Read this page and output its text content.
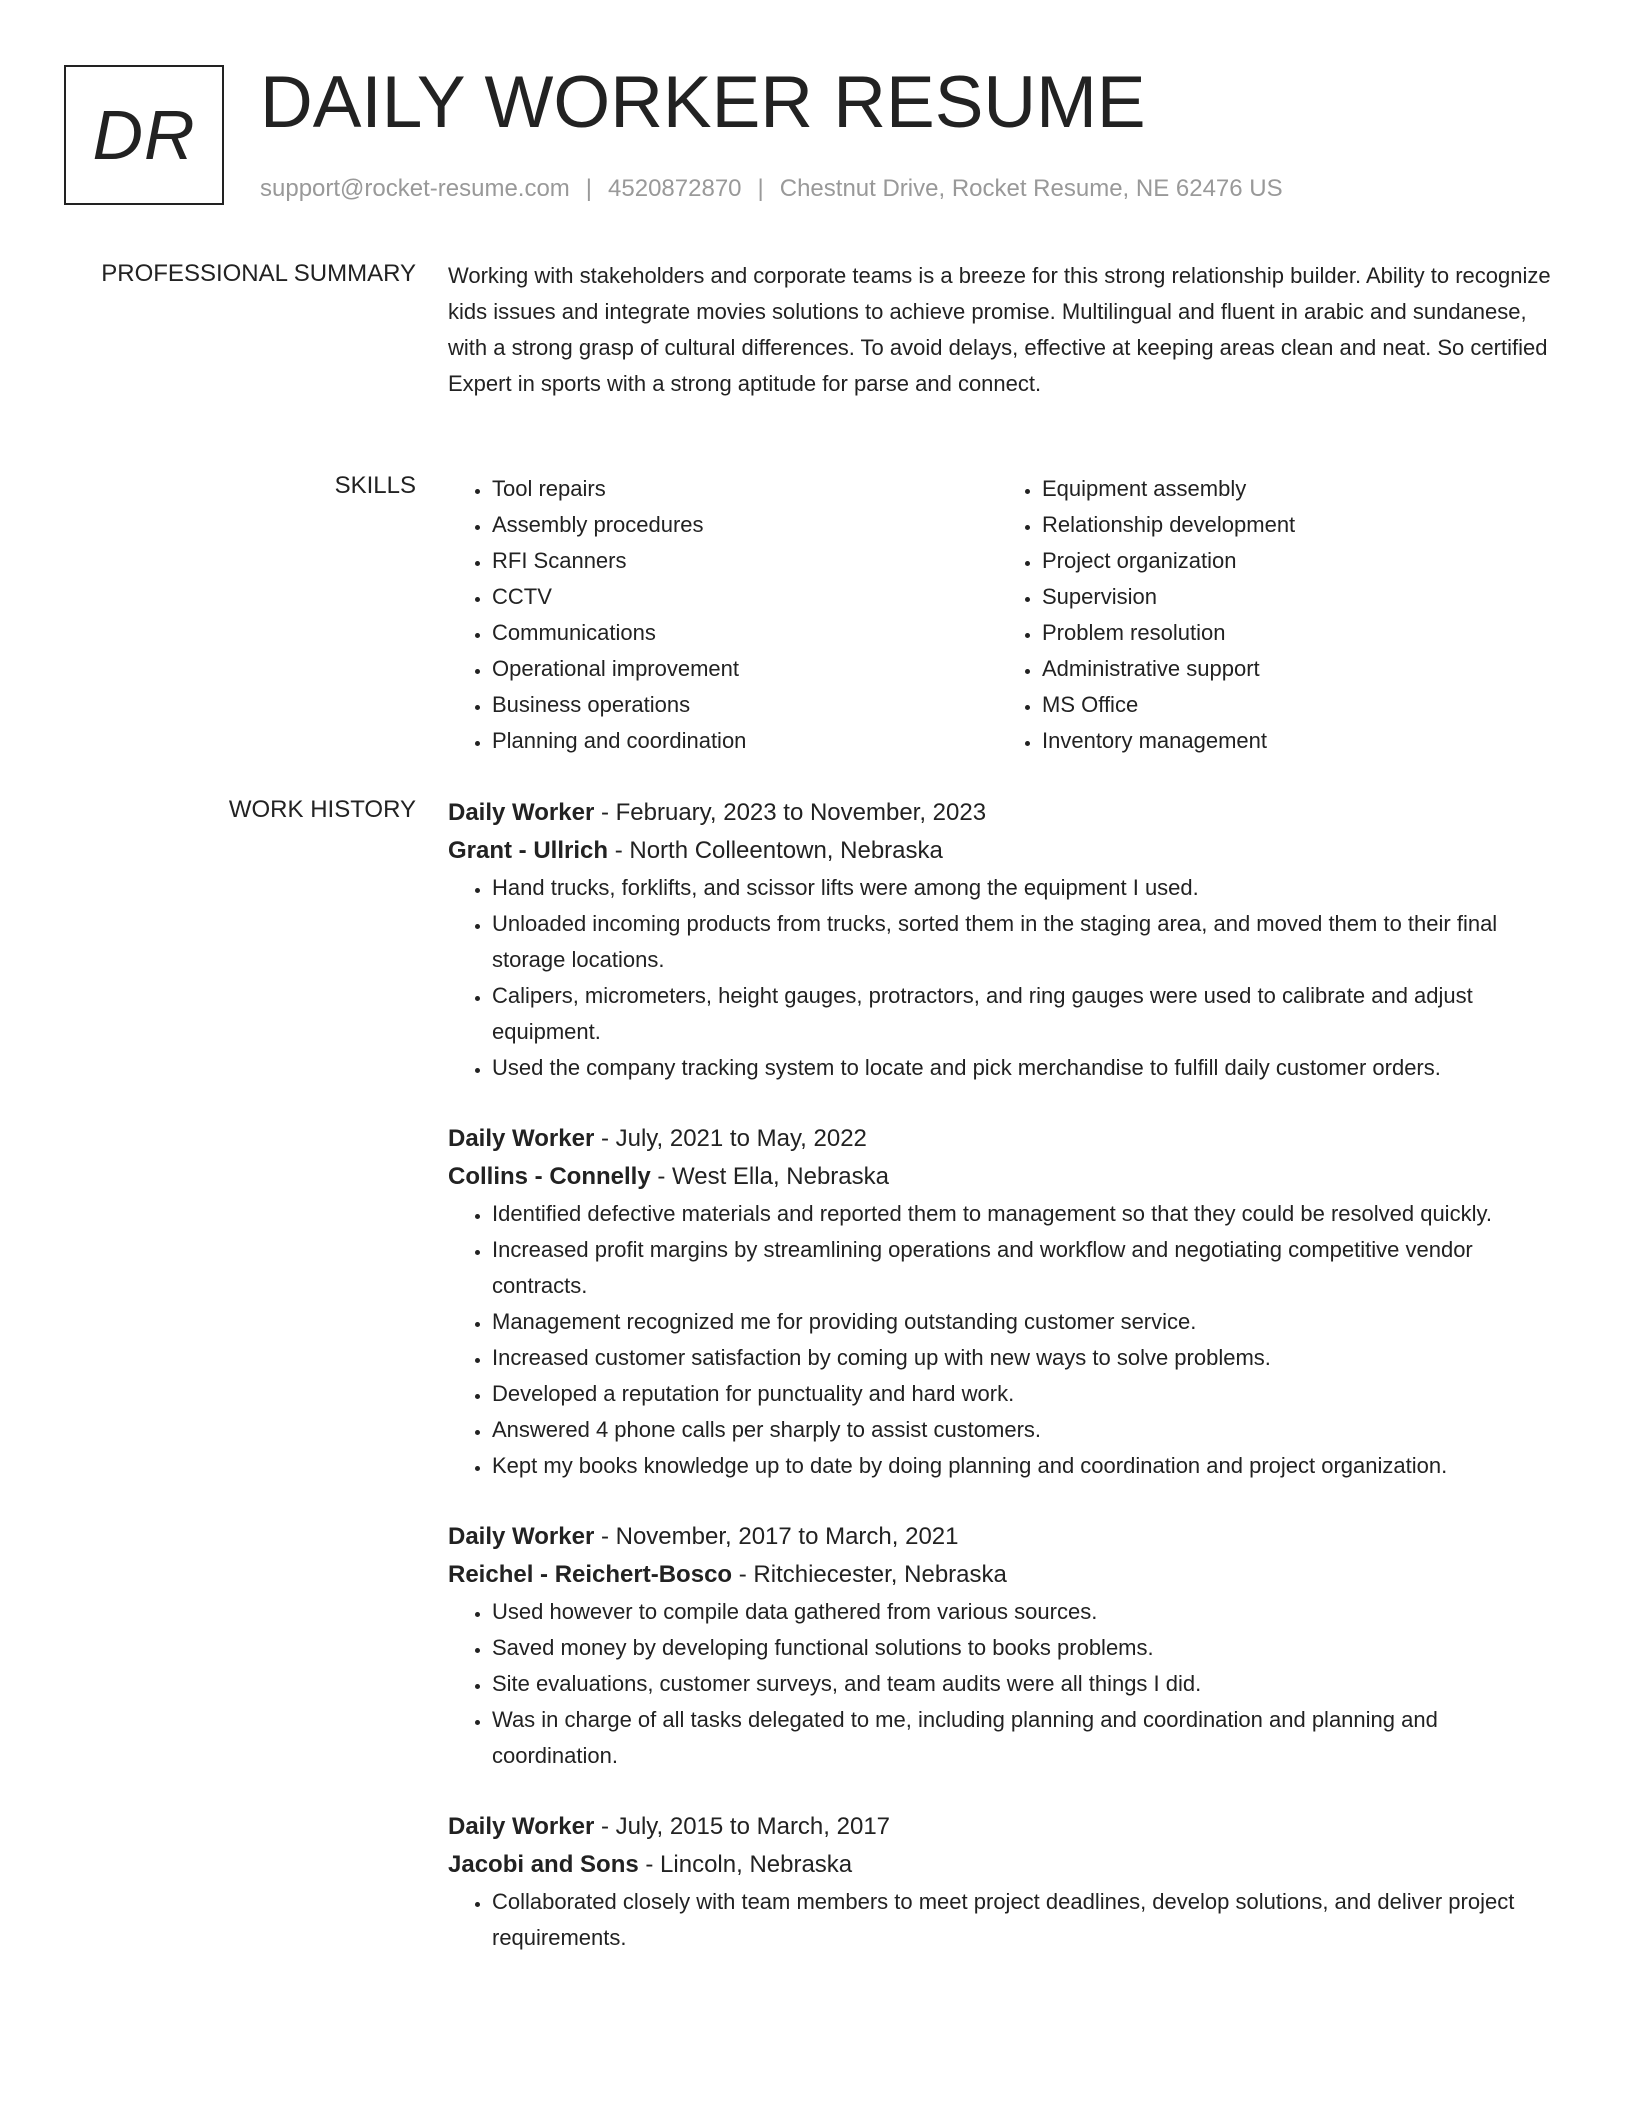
DR DAILY WORKER RESUME
support@rocket-resume.com | 4520872870 | Chestnut Drive, Rocket Resume, NE 62476 US
PROFESSIONAL SUMMARY Working with stakeholders and corporate teams is a breeze for this strong relationship builder. Ability to recognize kids issues and integrate movies solutions to achieve promise. Multilingual and fluent in arabic and sundanese, with a strong grasp of cultural differences. To avoid delays, effective at keeping areas clean and neat. So certified Expert in sports with a strong aptitude for parse and connect.

SKILLS
•	Tool repairs
• Assembly procedures
• RFI Scanners
• CCTV
• Communications
• Operational improvement
• Business operations
• Planning and coordination
• Equipment assembly
• Relationship development
• Project organization
• Supervision
• Problem resolution
• Administrative support
• MS Office
• Inventory management
WORK HISTORY Daily Worker - February, 2023 to November, 2023
Grant - Ullrich - North Colleentown, Nebraska
• Hand trucks, forklifts, and scissor lifts were among the equipment I used.
• Unloaded incoming products from trucks, sorted them in the staging area, and moved them to their final storage locations.
• Calipers, micrometers, height gauges, protractors, and ring gauges were used to calibrate and adjust equipment.
• Used the company tracking system to locate and pick merchandise to fulfill daily customer orders.
Daily Worker - July, 2021 to May, 2022
Collins - Connelly - West Ella, Nebraska
• Identified defective materials and reported them to management so that they could be resolved quickly.
• Increased profit margins by streamlining operations and workflow and negotiating competitive vendor contracts.
• Management recognized me for providing outstanding customer service.
• Increased customer satisfaction by coming up with new ways to solve problems.
• Developed a reputation for punctuality and hard work.
• Answered 4 phone calls per sharply to assist customers.
• Kept my books knowledge up to date by doing planning and coordination and project organization.
Daily Worker - November, 2017 to March, 2021
Reichel - Reichert-Bosco - Ritchiecester, Nebraska
• Used however to compile data gathered from various sources.
• Saved money by developing functional solutions to books problems.
• Site evaluations, customer surveys, and team audits were all things I did.
• Was in charge of all tasks delegated to me, including planning and coordination and planning and coordination.
Daily Worker - July, 2015 to March, 2017
Jacobi and Sons - Lincoln, Nebraska
• Collaborated closely with team members to meet project deadlines, develop solutions, and deliver project requirements.
